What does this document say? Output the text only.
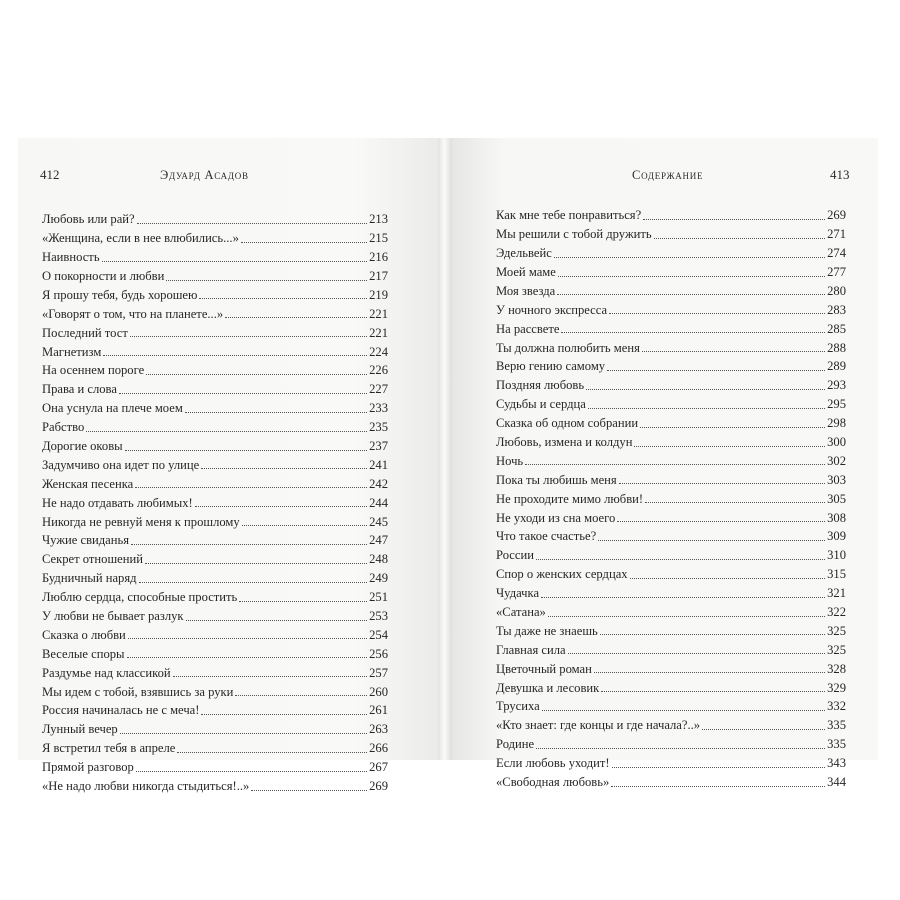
412	Эдуард Асадов	Содержание	413
Любовь или рай?	213
«Женщина, если в нее влюбились...»	215
Наивность	216
О покорности и любви	217
Я прошу тебя, будь хорошею	219
«Говорят о том, что на планете...»	221
Последний тост	221
Магнетизм	224
На осеннем пороге	226
Права и слова	227
Она уснула на плече моем	233
Рабство	235
Дорогие оковы	237
Задумчиво она идет по улице	241
Женская песенка	242
Не надо отдавать любимых!	244
Никогда не ревнуй меня к прошлому	245
Чужие свиданья	247
Секрет отношений	248
Будничный наряд	249
Люблю сердца, способные простить	251
У любви не бывает разлук	253
Сказка о любви	254
Веселые споры	256
Раздумье над классикой	257
Мы идем с тобой, взявшись за руки	260
Россия начиналась не с меча!	261
Лунный вечер	263
Я встретил тебя в апреле	266
Прямой разговор	267
«Не надо любви никогда стыдиться!..»	269
Как мне тебе понравиться?	269
Мы решили с тобой дружить	271
Эдельвейс	274
Моей маме	277
Моя звезда	280
У ночного экспресса	283
На рассвете	285
Ты должна полюбить меня	288
Верю гению самому	289
Поздняя любовь	293
Судьбы и сердца	295
Сказка об одном собрании	298
Любовь, измена и колдун	300
Ночь	302
Пока ты любишь меня	303
Не проходите мимо любви!	305
Не уходи из сна моего	308
Что такое счастье?	309
России	310
Спор о женских сердцах	315
Чудачка	321
«Сатана»	322
Ты даже не знаешь	325
Главная сила	325
Цветочный роман	328
Девушка и лесовик	329
Трусиха	332
«Кто знает: где концы и где начала?..»	335
Родине	335
Если любовь уходит!	343
«Свободная любовь»	344
